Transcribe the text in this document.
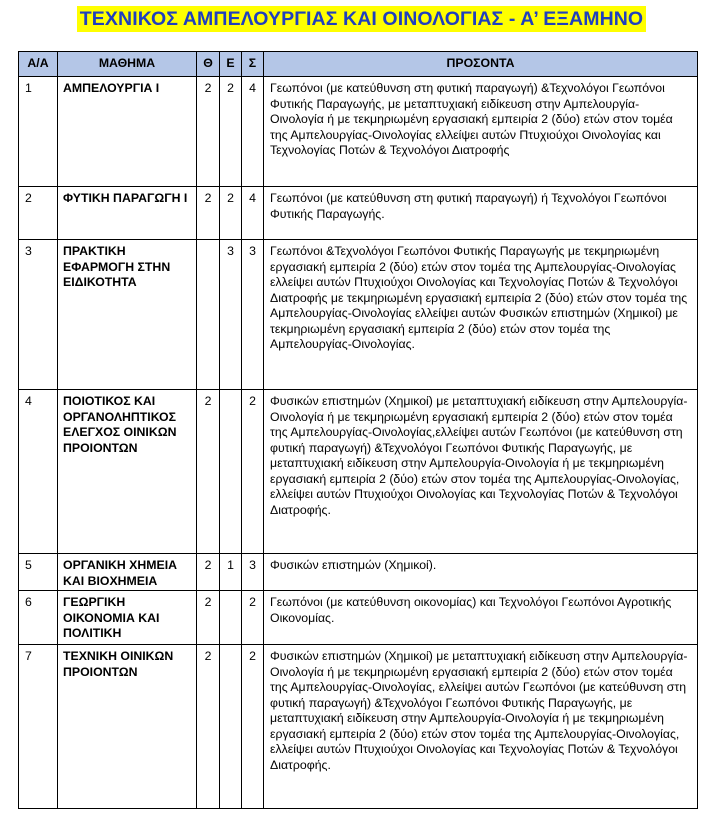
ΤΕΧΝΙΚΟΣ ΑΜΠΕΛΟΥΡΓΙΑΣ ΚΑΙ ΟΙΝΟΛΟΓΙΑΣ - Α’ ΕΞΑΜΗΝΟ
Α/Α	ΜΑΘΗΜΑ	Θ	Ε	Σ	ΠΡΟΣΟΝΤΑ
1	ΑΜΠΕΛΟΥΡΓΙΑ Ι	2	2	4	Γεωπόνοι (με κατεύθυνση στη φυτική παραγωγή) &Τεχνολόγοι Γεωπόνοι Φυτικής Παραγωγής, με μεταπτυχιακή ειδίκευση στην Αμπελουργία-Οινολογία ή με τεκμηριωμένη εργασιακή εμπειρία 2 (δύο) ετών στον τομέα της Αμπελουργίας-Οινολογίας ελλείψει αυτών Πτυχιούχοι Οινολογίας και Τεχνολογίας Ποτών & Τεχνολόγοι Διατροφής
2	ΦΥΤΙΚΗ ΠΑΡΑΓΩΓΗ Ι	2	2	4	Γεωπόνοι (με κατεύθυνση στη φυτική παραγωγή) ή Τεχνολόγοι Γεωπόνοι Φυτικής Παραγωγής.
3	ΠΡΑΚΤΙΚΗ ΕΦΑΡΜΟΓΗ ΣΤΗΝ ΕΙΔΙΚΟΤΗΤΑ		3	3	Γεωπόνοι &Τεχνολόγοι Γεωπόνοι Φυτικής Παραγωγής με τεκμηριωμένη εργασιακή εμπειρία 2 (δύο) ετών στον τομέα της Αμπελουργίας-Οινολογίας ελλείψει αυτών Πτυχιούχοι Οινολογίας και Τεχνολογίας Ποτών & Τεχνολόγοι Διατροφής με τεκμηριωμένη εργασιακή εμπειρία 2 (δύο) ετών στον τομέα της Αμπελουργίας-Οινολογίας ελλείψει αυτών Φυσικών επιστημών (Χημικοί) με τεκμηριωμένη εργασιακή εμπειρία 2 (δύο) ετών στον τομέα της Αμπελουργίας-Οινολογίας.
4	ΠΟΙΟΤΙΚΟΣ ΚΑΙ ΟΡΓΑΝΟΛΗΠΤΙΚΟΣ ΕΛΕΓΧΟΣ ΟΙΝΙΚΩΝ ΠΡΟΙΟΝΤΩΝ	2		2	Φυσικών επιστημών (Χημικοί) με μεταπτυχιακή ειδίκευση στην Αμπελουργία-Οινολογία ή με τεκμηριωμένη εργασιακή εμπειρία 2 (δύο) ετών στον τομέα της Αμπελουργίας-Οινολογίας,ελλείψει αυτών Γεωπόνοι (με κατεύθυνση στη φυτική παραγωγή) &Τεχνολόγοι Γεωπόνοι Φυτικής Παραγωγής, με μεταπτυχιακή ειδίκευση στην Αμπελουργία-Οινολογία ή με τεκμηριωμένη εργασιακή εμπειρία 2 (δύο) ετών στον τομέα της Αμπελουργίας-Οινολογίας, ελλείψει αυτών Πτυχιούχοι Οινολογίας και Τεχνολογίας Ποτών & Τεχνολόγοι Διατροφής.
5	ΟΡΓΑΝΙΚΗ ΧΗΜΕΙΑ ΚΑΙ ΒΙΟΧΗΜΕΙΑ	2	1	3	Φυσικών επιστημών (Χημικοί).
6	ΓΕΩΡΓΙΚΗ ΟΙΚΟΝΟΜΙΑ ΚΑΙ ΠΟΛΙΤΙΚΗ	2		2	Γεωπόνοι (με κατεύθυνση οικονομίας) και Τεχνολόγοι Γεωπόνοι Αγροτικής Οικονομίας.
7	ΤΕΧΝΙΚΗ ΟΙΝΙΚΩΝ ΠΡΟΙΟΝΤΩΝ	2		2	Φυσικών επιστημών (Χημικοί) με μεταπτυχιακή ειδίκευση στην Αμπελουργία-Οινολογία ή με τεκμηριωμένη εργασιακή εμπειρία 2 (δύο) ετών στον τομέα της Αμπελουργίας-Οινολογίας, ελλείψει αυτών Γεωπόνοι (με κατεύθυνση στη φυτική παραγωγή) &Τεχνολόγοι Γεωπόνοι Φυτικής Παραγωγής, με μεταπτυχιακή ειδίκευση στην Αμπελουργία-Οινολογία ή με τεκμηριωμένη εργασιακή εμπειρία 2 (δύο) ετών στον τομέα της Αμπελουργίας-Οινολογίας, ελλείψει αυτών Πτυχιούχοι Οινολογίας και Τεχνολογίας Ποτών & Τεχνολόγοι Διατροφής.
